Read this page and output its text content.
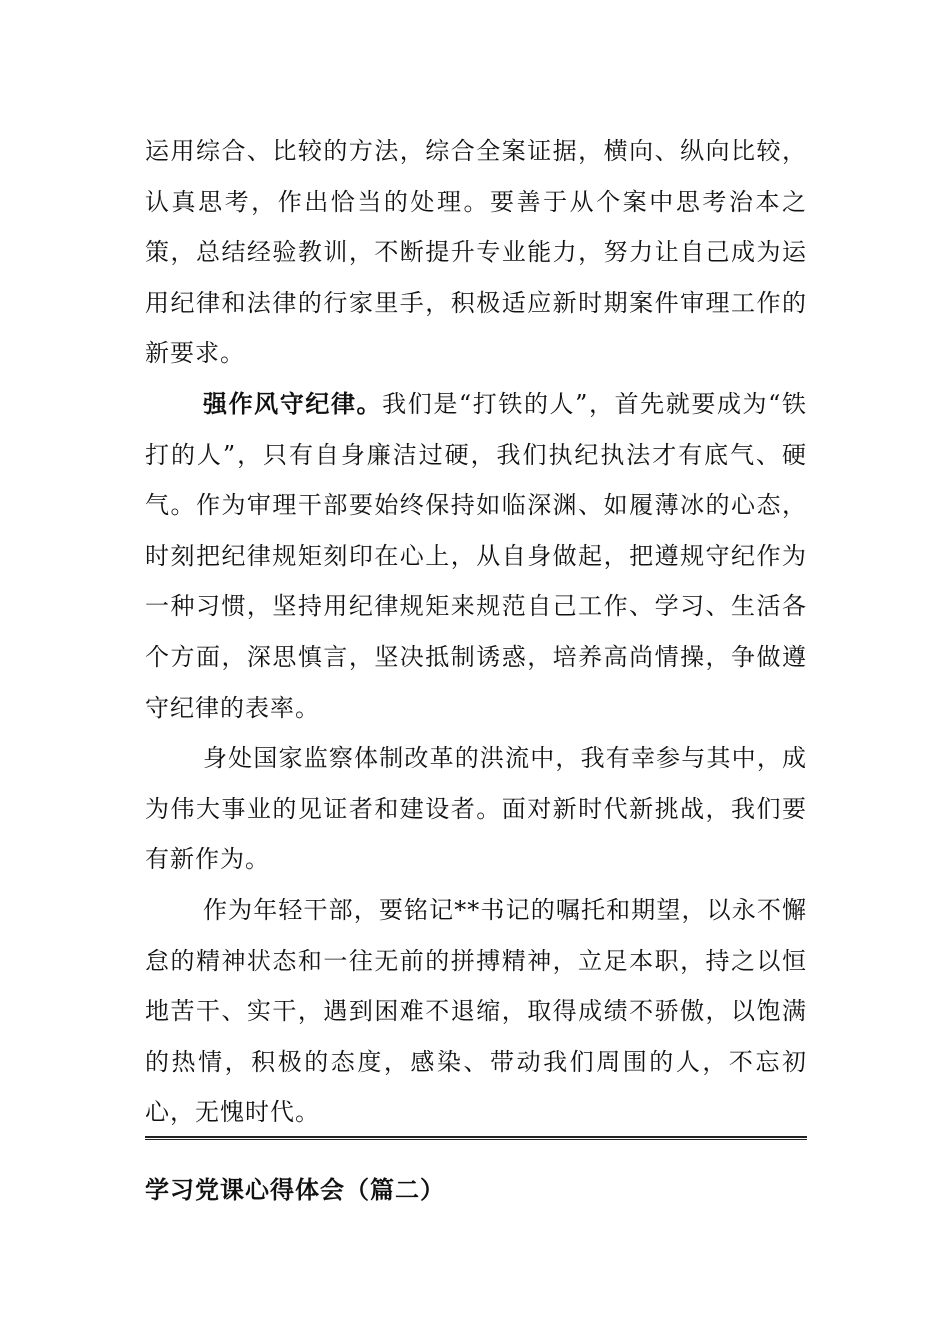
运用综合、比较的方法，综合全案证据，横向、纵向比较，认真思考，作出恰当的处理。要善于从个案中思考治本之策，总结经验教训，不断提升专业能力，努力让自己成为运用纪律和法律的行家里手，积极适应新时期案件审理工作的新要求。

强作风守纪律。我们是“打铁的人”，首先就要成为“铁打的人”，只有自身廉洁过硬，我们执纪执法才有底气、硬气。作为审理干部要始终保持如临深渊、如履薄冰的心态，时刻把纪律规矩刻印在心上，从自身做起，把遵规守纪作为一种习惯，坚持用纪律规矩来规范自己工作、学习、生活各个方面，深思慎言，坚决抵制诱惑，培养高尚情操，争做遵守纪律的表率。

身处国家监察体制改革的洪流中，我有幸参与其中，成为伟大事业的见证者和建设者。面对新时代新挑战，我们要有新作为。

作为年轻干部，要铭记**书记的嘱托和期望，以永不懈怠的精神状态和一往无前的拼搏精神，立足本职，持之以恒地苦干、实干，遇到困难不退缩，取得成绩不骄傲，以饱满的热情，积极的态度，感染、带动我们周围的人，不忘初心，无愧时代。

学习党课心得体会（篇二）
